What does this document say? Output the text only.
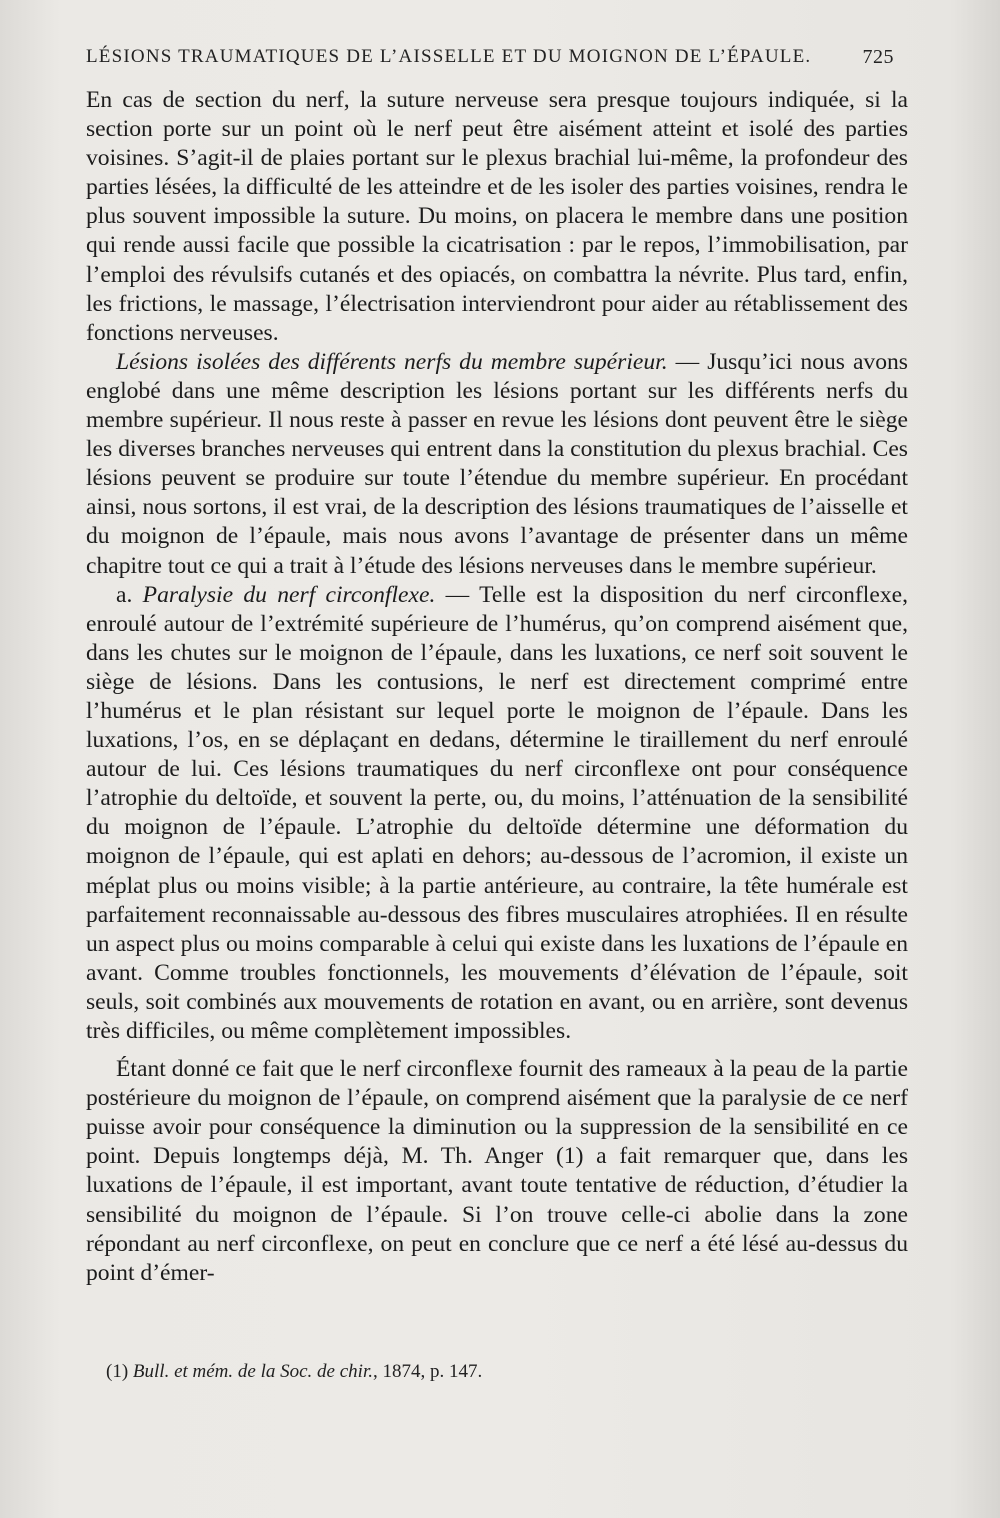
LÉSIONS TRAUMATIQUES DE L’AISSELLE ET DU MOIGNON DE L’ÉPAULE.	725

En cas de section du nerf, la suture nerveuse sera presque toujours indiquée, si la section porte sur un point où le nerf peut être aisément atteint et isolé des parties voisines. S’agit-il de plaies portant sur le plexus brachial lui-même, la profondeur des parties lésées, la difficulté de les atteindre et de les isoler des parties voisines, rendra le plus souvent impossible la suture. Du moins, on placera le membre dans une position qui rende aussi facile que possible la cicatrisation : par le repos, l’immobilisation, par l’emploi des révulsifs cutanés et des opiacés, on combattra la névrite. Plus tard, enfin, les frictions, le massage, l’électrisation interviendront pour aider au rétablissement des fonctions nerveuses.

Lésions isolées des différents nerfs du membre supérieur. — Jusqu’ici nous avons englobé dans une même description les lésions portant sur les différents nerfs du membre supérieur. Il nous reste à passer en revue les lésions dont peuvent être le siège les diverses branches nerveuses qui entrent dans la constitution du plexus brachial. Ces lésions peuvent se produire sur toute l’étendue du membre supérieur. En procédant ainsi, nous sortons, il est vrai, de la description des lésions traumatiques de l’aisselle et du moignon de l’épaule, mais nous avons l’avantage de présenter dans un même chapitre tout ce qui a trait à l’étude des lésions nerveuses dans le membre supérieur.

a. Paralysie du nerf circonflexe. — Telle est la disposition du nerf circonflexe, enroulé autour de l’extrémité supérieure de l’humérus, qu’on comprend aisément que, dans les chutes sur le moignon de l’épaule, dans les luxations, ce nerf soit souvent le siège de lésions. Dans les contusions, le nerf est directement comprimé entre l’humérus et le plan résistant sur lequel porte le moignon de l’épaule. Dans les luxations, l’os, en se déplaçant en dedans, détermine le tiraillement du nerf enroulé autour de lui. Ces lésions traumatiques du nerf circonflexe ont pour conséquence l’atrophie du deltoïde, et souvent la perte, ou, du moins, l’atténuation de la sensibilité du moignon de l’épaule. L’atrophie du deltoïde détermine une déformation du moignon de l’épaule, qui est aplati en dehors; au-dessous de l’acromion, il existe un méplat plus ou moins visible; à la partie antérieure, au contraire, la tête humérale est parfaitement reconnaissable au-dessous des fibres musculaires atrophiées. Il en résulte un aspect plus ou moins comparable à celui qui existe dans les luxations de l’épaule en avant. Comme troubles fonctionnels, les mouvements d’élévation de l’épaule, soit seuls, soit combinés aux mouvements de rotation en avant, ou en arrière, sont devenus très difficiles, ou même complètement impossibles.

Étant donné ce fait que le nerf circonflexe fournit des rameaux à la peau de la partie postérieure du moignon de l’épaule, on comprend aisément que la paralysie de ce nerf puisse avoir pour conséquence la diminution ou la suppression de la sensibilité en ce point. Depuis longtemps déjà, M. Th. Anger (1) a fait remarquer que, dans les luxations de l’épaule, il est important, avant toute tentative de réduction, d’étudier la sensibilité du moignon de l’épaule. Si l’on trouve celle-ci abolie dans la zone répondant au nerf circonflexe, on peut en conclure que ce nerf a été lésé au-dessus du point d’émer-

(1) Bull. et mém. de la Soc. de chir., 1874, p. 147.
